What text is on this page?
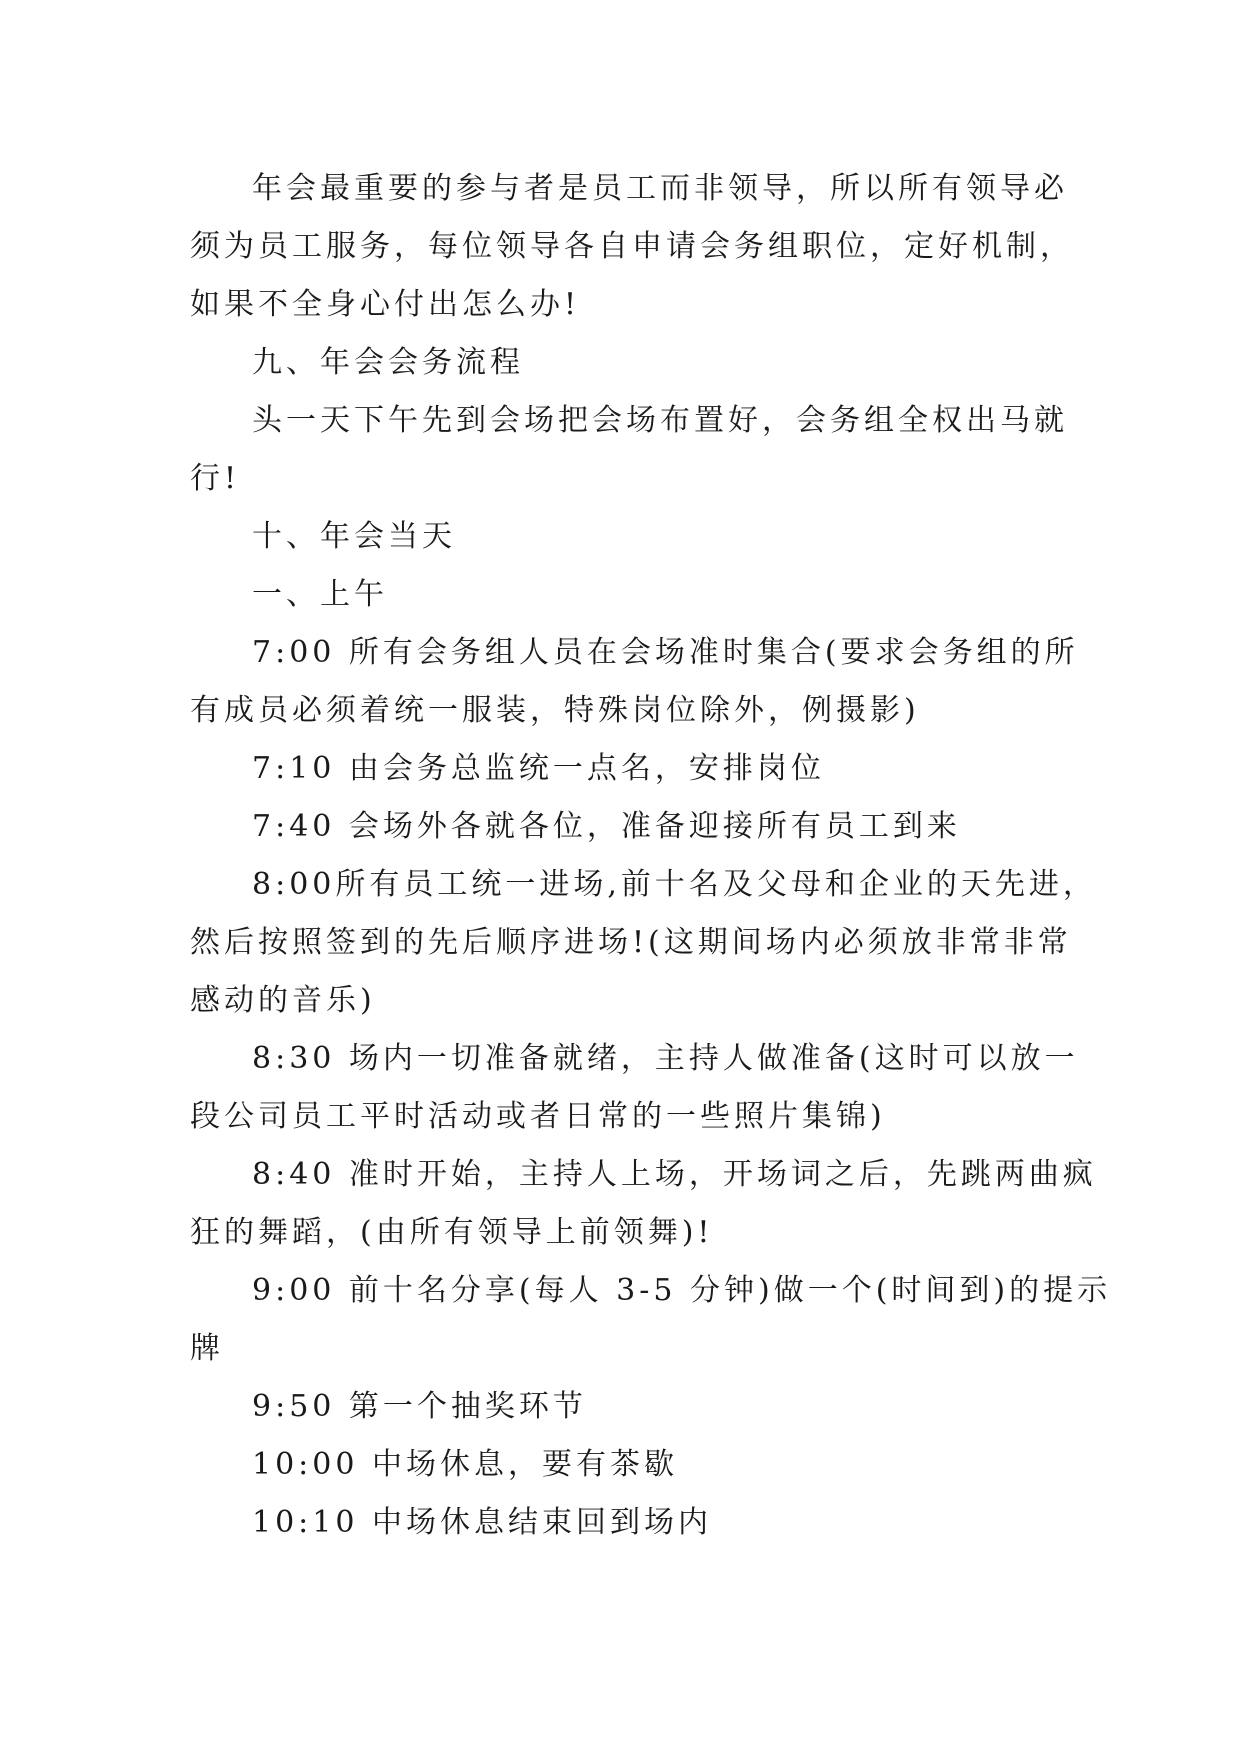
年会最重要的参与者是员工而非领导，所以所有领导必
须为员工服务，每位领导各自申请会务组职位，定好机制，
如果不全身心付出怎么办!
九、年会会务流程
头一天下午先到会场把会场布置好，会务组全权出马就
行!
十、年会当天
一、上午
7:00 所有会务组人员在会场准时集合(要求会务组的所
有成员必须着统一服装，特殊岗位除外，例摄影)
7:10 由会务总监统一点名，安排岗位
7:40 会场外各就各位，准备迎接所有员工到来
8:00所有员工统一进场,前十名及父母和企业的天先进，
然后按照签到的先后顺序进场!(这期间场内必须放非常非常
感动的音乐)
8:30 场内一切准备就绪，主持人做准备(这时可以放一
段公司员工平时活动或者日常的一些照片集锦)
8:40 准时开始，主持人上场，开场词之后，先跳两曲疯
狂的舞蹈，(由所有领导上前领舞)!
9:00 前十名分享(每人 3-5 分钟)做一个(时间到)的提示
牌
9:50 第一个抽奖环节
10:00 中场休息，要有茶歇
10:10 中场休息结束回到场内
